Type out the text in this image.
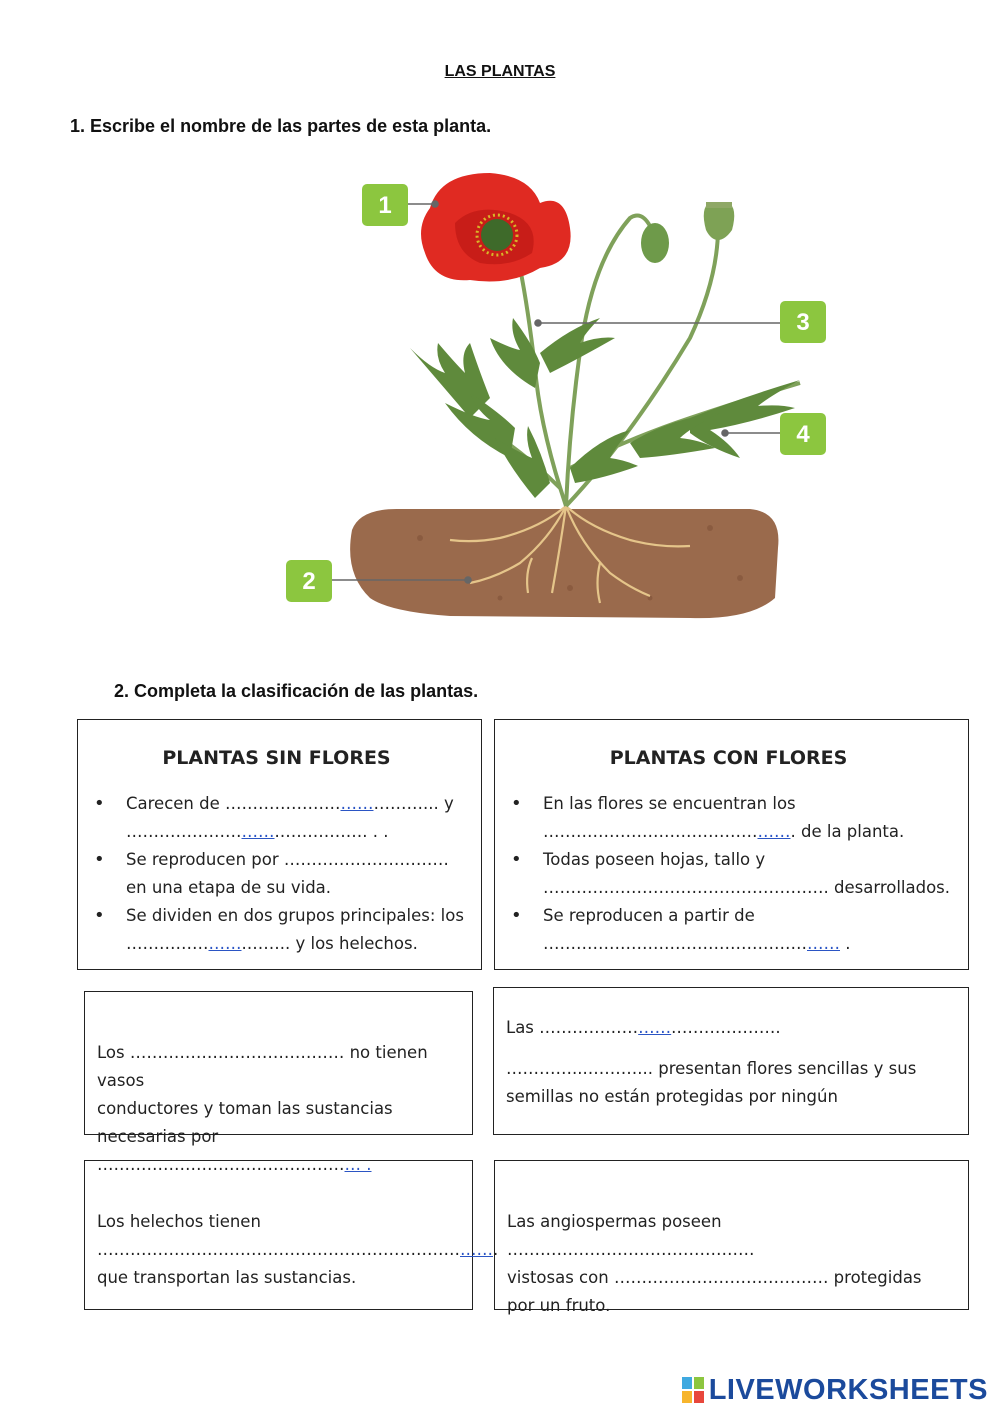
LAS PLANTAS
1. Escribe el nombre de las partes de esta planta.
1
3
4
2
2. Completa la clasificación de las plantas.
PLANTAS SIN FLORES
• Carecen de ………………………………... y
……………………….……………. . .
• Se reproducen por ………………………… en una etapa de su vida.
• Se dividen en dos grupos principales: los ………………….…….. y los helechos.
PLANTAS CON FLORES
• En las flores se encuentran los
………………………………………. de la planta.
• Todas poseen hojas, tallo y
……………………………………………. desarrollados.
• Se reproducen a partir de
……………………………………………… .
Los ………………………………… no tienen vasos
conductores y toman las sustancias
necesarias por ………………………………………… .
Las …………………….……………….
…………...………... presentan flores sencillas y sus
semillas no están protegidas por ningún
Los helechos tienen
……………………………………………………………….
que transportan las sustancias.
Las angiospermas poseen ………………………………………
vistosas con ………………………………… protegidas
por un fruto.
LIVEWORKSHEETS
